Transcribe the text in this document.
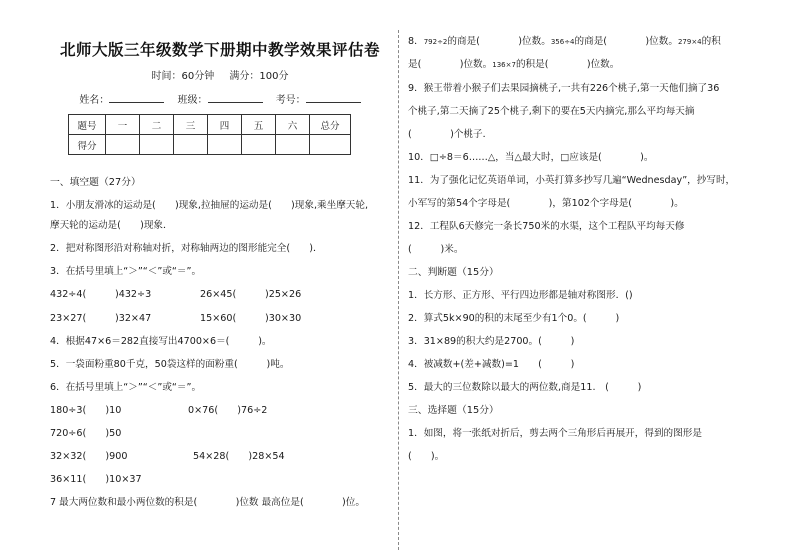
北师大版三年级数学下册期中教学效果评估卷
时间：60分钟 满分：100分
姓名：	班级：	考号：
题号	一	二	三	四	五	六	总分
得分							
一、填空题（27分）
1．小朋友滑冰的运动是(　　)现象,拉抽屉的运动是(　　)现象,乘坐摩天轮,
摩天轮的运动是(　　)现象．
2．把对称图形沿对称轴对折，对称轴两边的图形能完全(　　)．
3．在括号里填上“＞”“＜”或“＝”。
432÷4(　　　)432÷3	26×45(　　　)25×26
23×27(　　　)32×47	15×60(　　　)30×30
4．根据47×6＝282直接写出4700×6＝(　　　)。
5．一袋面粉重80千克，50袋这样的面粉重(　　　)吨。
6．在括号里填上“＞”“＜”或“＝”。
180÷3(　　)10	0×76(　　)76÷2
720÷6(　　)50
32×32(　　)900	54×28(　　)28×54
36×11(　　)10×37
7 最大两位数和最小两位数的积是(　　　　)位数 最高位是(　　　　)位。
8．792÷2的商是(　　　　)位数。356÷4的商是(　　　　)位数。279×4的积
是(　　　　)位数。136×7的积是(　　　　)位数。
9．猴王带着小猴子们去果园摘桃子,一共有226个桃子,第一天他们摘了36
个桃子,第二天摘了25个桃子,剩下的要在5天内摘完,那么平均每天摘
(　　　　)个桃子．
10．□÷8＝6……△，当△最大时，□应该是(　　　　)。
11．为了强化记忆英语单词，小英打算多抄写几遍“Wednesday”，抄写时，
小军写的第54个字母是(　　　　)，第102个字母是(　　　　)。
12．工程队6天修完一条长750米的水渠，这个工程队平均每天修
(　　　)米。
二、判断题（15分）
1．长方形、正方形、平行四边形都是轴对称图形．()
2．算式5k×90的积的末尾至少有1个0。(　　　)
3．31×89的积大约是2700。(　　　)
4．被减数+(差+减数)=1　　(　　　)
5．最大的三位数除以最大的两位数,商是11.　(　　　)
三、选择题（15分）
1．如图，将一张纸对折后，剪去两个三角形后再展开，得到的图形是
(　　)。
